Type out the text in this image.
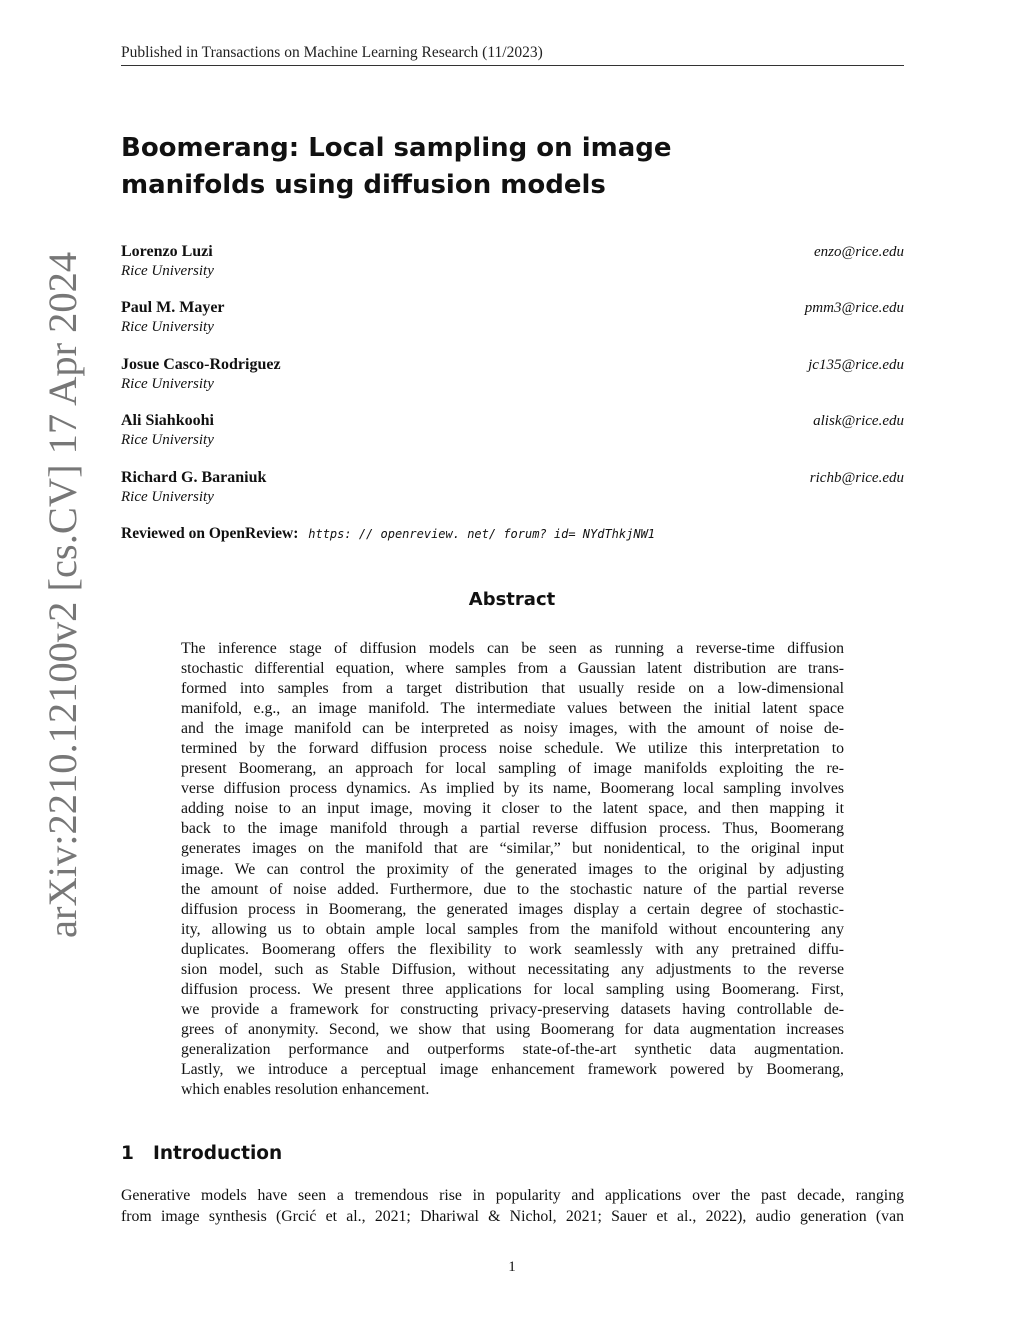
Published in Transactions on Machine Learning Research (11/2023)
arXiv:2210.12100v2 [cs.CV] 17 Apr 2024
Boomerang: Local sampling on image
manifolds using diffusion models
Lorenzo Luzi
Rice University
enzo@rice.edu
Paul M. Mayer
Rice University
pmm3@rice.edu
Josue Casco-Rodriguez
Rice University
jc135@rice.edu
Ali Siahkoohi
Rice University
alisk@rice.edu
Richard G. Baraniuk
Rice University
richb@rice.edu
Reviewed on OpenReview: https: // openreview. net/ forum? id= NYdThkjNW1
Abstract
The inference stage of diffusion models can be seen as running a reverse-time diffusion
stochastic differential equation, where samples from a Gaussian latent distribution are trans-
formed into samples from a target distribution that usually reside on a low-dimensional
manifold, e.g., an image manifold. The intermediate values between the initial latent space
and the image manifold can be interpreted as noisy images, with the amount of noise de-
termined by the forward diffusion process noise schedule. We utilize this interpretation to
present Boomerang, an approach for local sampling of image manifolds exploiting the re-
verse diffusion process dynamics. As implied by its name, Boomerang local sampling involves
adding noise to an input image, moving it closer to the latent space, and then mapping it
back to the image manifold through a partial reverse diffusion process. Thus, Boomerang
generates images on the manifold that are “similar,” but nonidentical, to the original input
image. We can control the proximity of the generated images to the original by adjusting
the amount of noise added. Furthermore, due to the stochastic nature of the partial reverse
diffusion process in Boomerang, the generated images display a certain degree of stochastic-
ity, allowing us to obtain ample local samples from the manifold without encountering any
duplicates. Boomerang offers the flexibility to work seamlessly with any pretrained diffu-
sion model, such as Stable Diffusion, without necessitating any adjustments to the reverse
diffusion process. We present three applications for local sampling using Boomerang. First,
we provide a framework for constructing privacy-preserving datasets having controllable de-
grees of anonymity. Second, we show that using Boomerang for data augmentation increases
generalization performance and outperforms state-of-the-art synthetic data augmentation.
Lastly, we introduce a perceptual image enhancement framework powered by Boomerang,
which enables resolution enhancement.
1 Introduction
Generative models have seen a tremendous rise in popularity and applications over the past decade, ranging
from image synthesis (Grcić et al., 2021; Dhariwal & Nichol, 2021; Sauer et al., 2022), audio generation (van
1
